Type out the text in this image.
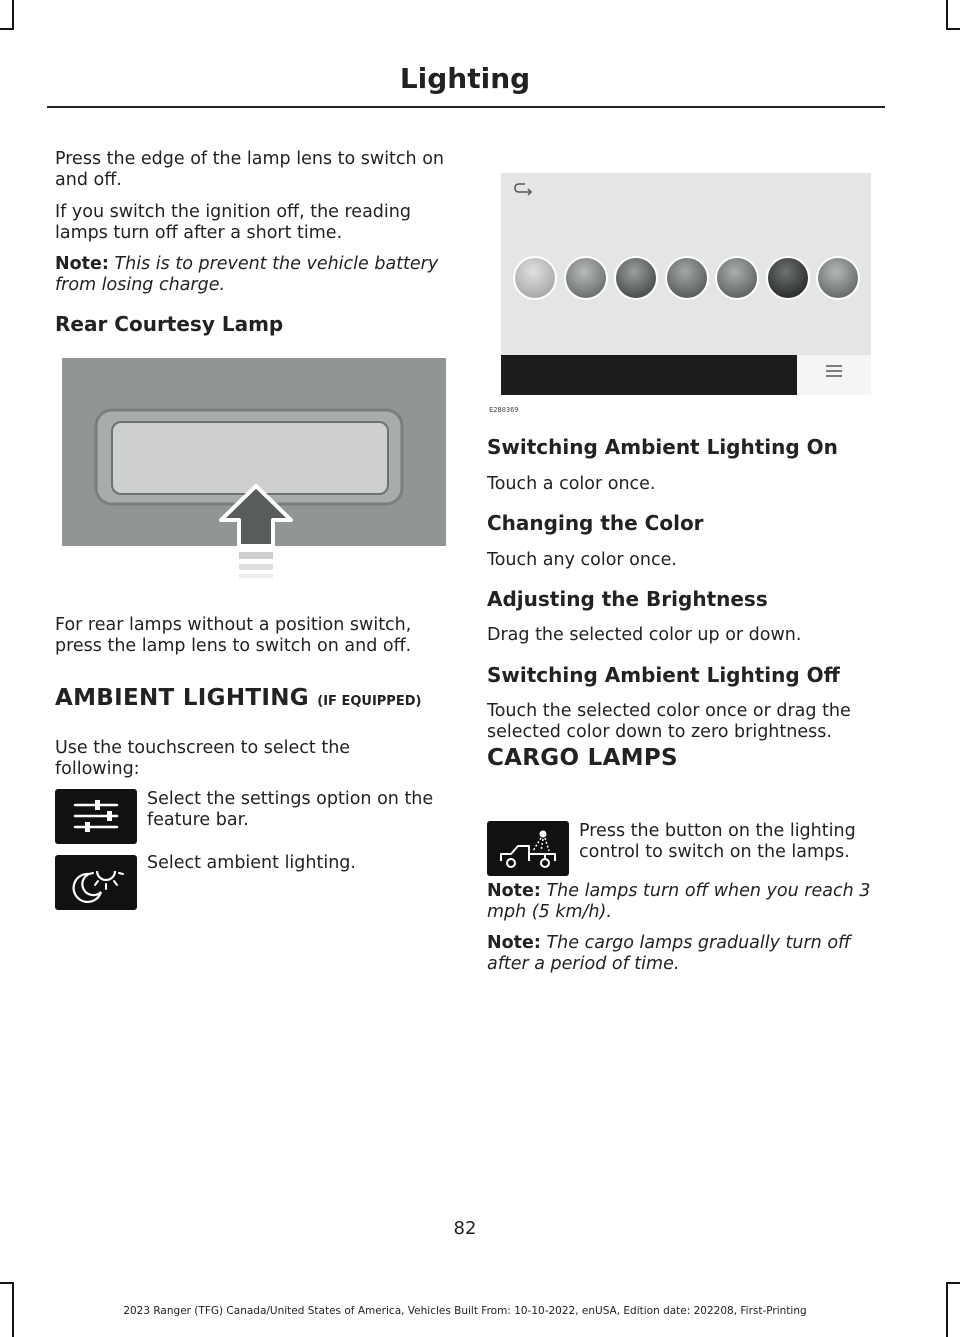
Lighting

Press the edge of the lamp lens to switch on and off.

If you switch the ignition off, the reading lamps turn off after a short time.

Note: This is to prevent the vehicle battery from losing charge.

Rear Courtesy Lamp

For rear lamps without a position switch, press the lamp lens to switch on and off.

AMBIENT LIGHTING (IF EQUIPPED)

Use the touchscreen to select the following:

Select the settings option on the feature bar.

Select ambient lighting.

E280369
Switching Ambient Lighting On

Touch a color once.

Changing the Color

Touch any color once.

Adjusting the Brightness

Drag the selected color up or down.

Switching Ambient Lighting Off

Touch the selected color once or drag the selected color down to zero brightness.

CARGO LAMPS

Press the button on the lighting control to switch on the lamps.

Note: The lamps turn off when you reach 3 mph (5 km/h).

Note: The cargo lamps gradually turn off after a period of time.

82
2023 Ranger (TFG) Canada/United States of America, Vehicles Built From: 10-10-2022, enUSA, Edition date: 202208, First-Printing
